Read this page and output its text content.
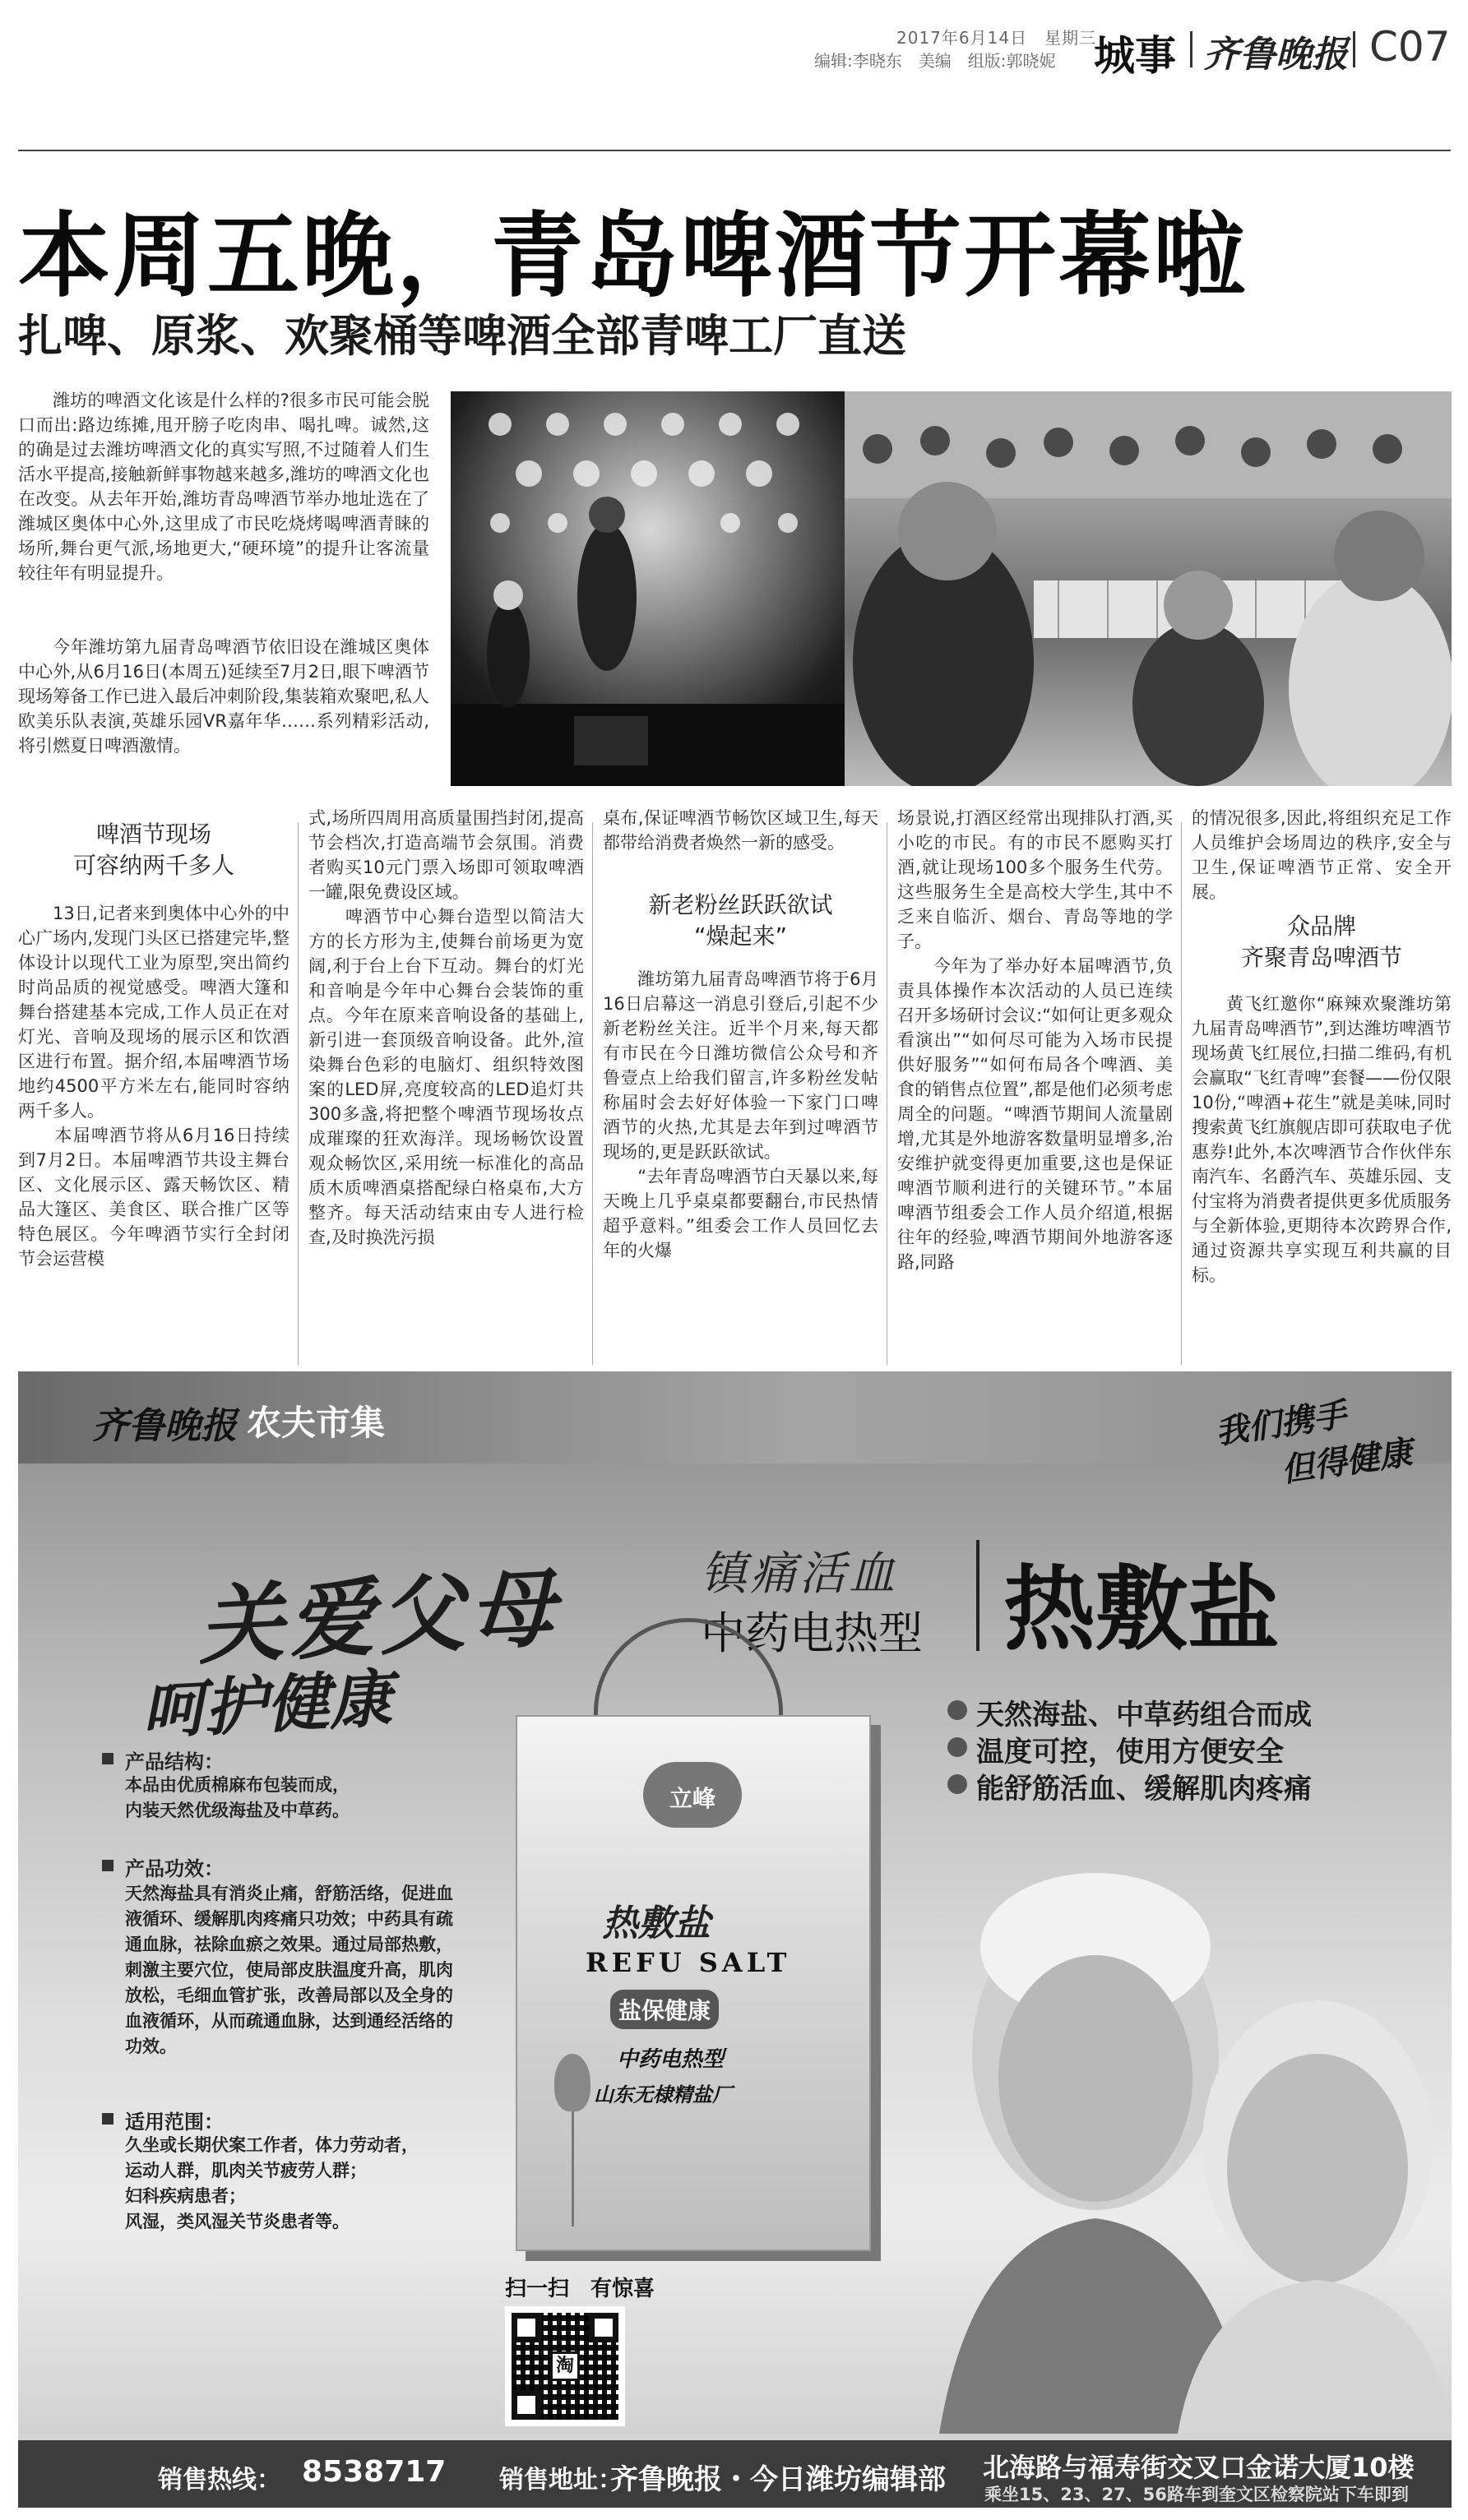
2017年6月14日　星期三
编辑:李晓东　美编　组版:郭晓妮 城事 齐鲁晚报 C07
本周五晚，青岛啤酒节开幕啦
扎啤、原浆、欢聚桶等啤酒全部青啤工厂直送
潍坊的啤酒文化该是什么样的?很多市民可能会脱口而出:路边练摊,甩开膀子吃肉串、喝扎啤。诚然,这的确是过去潍坊啤酒文化的真实写照,不过随着人们生活水平提高,接触新鲜事物越来越多,潍坊的啤酒文化也在改变。从去年开始,潍坊青岛啤酒节举办地址选在了潍城区奥体中心外,这里成了市民吃烧烤喝啤酒青睐的场所,舞台更气派,场地更大,“硬环境”的提升让客流量较往年有明显提升。
今年潍坊第九届青岛啤酒节依旧设在潍城区奥体中心外,从6月16日(本周五)延续至7月2日,眼下啤酒节现场筹备工作已进入最后冲刺阶段,集装箱欢聚吧,私人欧美乐队表演,英雄乐园VR嘉年华……系列精彩活动,将引燃夏日啤酒激情。
啤酒节现场
可容纳两千多人
13日,记者来到奥体中心外的中心广场内,发现门头区已搭建完毕,整体设计以现代工业为原型,突出简约时尚品质的视觉感受。啤酒大篷和舞台搭建基本完成,工作人员正在对灯光、音响及现场的展示区和饮酒区进行布置。据介绍,本届啤酒节场地约4500平方米左右,能同时容纳两千多人。
　　本届啤酒节将从6月16日持续到7月2日。本届啤酒节共设主舞台区、文化展示区、露天畅饮区、精品大篷区、美食区、联合推广区等特色展区。今年啤酒节实行全封闭节会运营模
式,场所四周用高质量围挡封闭,提高节会档次,打造高端节会氛围。消费者购买10元门票入场即可领取啤酒一罐,限免费设区域。
　　啤酒节中心舞台造型以简洁大方的长方形为主,使舞台前场更为宽阔,利于台上台下互动。舞台的灯光和音响是今年中心舞台会装饰的重点。今年在原来音响设备的基础上,新引进一套顶级音响设备。此外,渲染舞台色彩的电脑灯、组织特效图案的LED屏,亮度较高的LED追灯共300多盏,将把整个啤酒节现场妆点成璀璨的狂欢海洋。现场畅饮设置观众畅饮区,采用统一标准化的高品质木质啤酒桌搭配绿白格桌布,大方整齐。每天活动结束由专人进行检查,及时换洗污损
桌布,保证啤酒节畅饮区域卫生,每天都带给消费者焕然一新的感受。
新老粉丝跃跃欲试
“燥起来”
潍坊第九届青岛啤酒节将于6月16日启幕这一消息引登后,引起不少新老粉丝关注。近半个月来,每天都有市民在今日潍坊微信公众号和齐鲁壹点上给我们留言,许多粉丝发帖称届时会去好好体验一下家门口啤酒节的火热,尤其是去年到过啤酒节现场的,更是跃跃欲试。
　　“去年青岛啤酒节白天暴以来,每天晚上几乎桌桌都要翻台,市民热情超乎意料。”组委会工作人员回忆去年的火爆
场景说,打酒区经常出现排队打酒,买小吃的市民。有的市民不愿购买打酒,就让现场100多个服务生代劳。这些服务生全是高校大学生,其中不乏来自临沂、烟台、青岛等地的学子。
　　今年为了举办好本届啤酒节,负责具体操作本次活动的人员已连续召开多场研讨会议:“如何让更多观众看演出”“如何尽可能为入场市民提供好服务”“如何布局各个啤酒、美食的销售点位置”,都是他们必须考虑周全的问题。“啤酒节期间人流量剧增,尤其是外地游客数量明显增多,治安维护就变得更加重要,这也是保证啤酒节顺利进行的关键环节。”本届啤酒节组委会工作人员介绍道,根据往年的经验,啤酒节期间外地游客逐路,同路
的情况很多,因此,将组织充足工作人员维护会场周边的秩序,安全与卫生,保证啤酒节正常、安全开展。
众品牌
齐聚青岛啤酒节
黄飞红邀你“麻辣欢聚潍坊第九届青岛啤酒节”,到达潍坊啤酒节现场黄飞红展位,扫描二维码,有机会赢取“飞红青啤”套餐——份仅限10份,“啤酒+花生”就是美味,同时搜索黄飞红旗舰店即可获取电子优惠券!此外,本次啤酒节合作伙伴东南汽车、名爵汽车、英雄乐园、支付宝将为消费者提供更多优质服务与全新体验,更期待本次跨界合作,通过资源共享实现互利共赢的目标。
齐鲁晚报 农夫市集	我们携手
但得健康
关爱父母
呵护健康
镇痛活血
中药电热型 热敷盐
天然海盐、中草药组合而成
温度可控，使用方便安全
能舒筋活血、缓解肌肉疼痛
产品结构：
本品由优质棉麻布包装而成，
内装天然优级海盐及中草药。
产品功效：
天然海盐具有消炎止痛，舒筋活络，促进血液循环、缓解肌肉疼痛只功效；中药具有疏通血脉，祛除血瘀之效果。通过局部热敷，刺激主要穴位，使局部皮肤温度升高，肌肉放松，毛细血管扩张，改善局部以及全身的血液循环，从而疏通血脉，达到通经活络的功效。
适用范围：
久坐或长期伏案工作者，体力劳动者，
运动人群，肌肉关节疲劳人群；
妇科疾病患者；
风湿，类风湿关节炎患者等。
立峰
热敷盐
REFU SALT
盐保健康
中药电热型
山东无棣精盐厂
扫一扫　有惊喜
淘
销售热线： 8538717 销售地址：
齐鲁晚报・今日潍坊编辑部 北海路与福寿街交叉口金诺大厦10楼
乘坐15、23、27、56路车到奎文区检察院站下车即到
